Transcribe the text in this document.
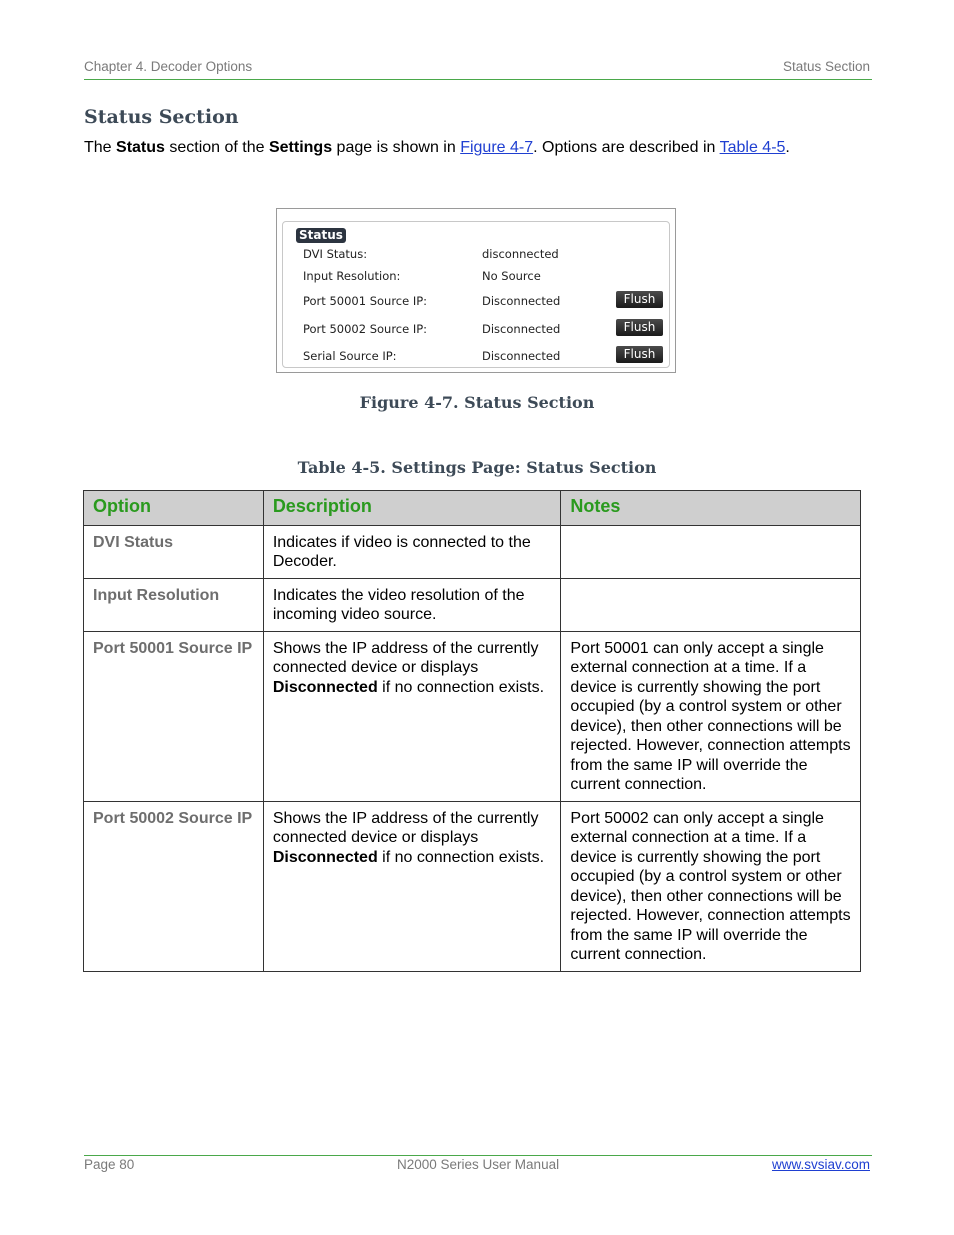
Chapter 4. Decoder Options	Status Section
Status Section

The Status section of the Settings page is shown in Figure 4-7. Options are described in Table 4-5.

Status
DVI Status:	disconnected
Input Resolution:	No Source
Port 50001 Source IP:	Disconnected	Flush
Port 50002 Source IP:	Disconnected	Flush
Serial Source IP:	Disconnected	Flush
Figure 4-7. Status Section
Table 4-5. Settings Page: Status Section
Option	Description	Notes
DVI Status	Indicates if video is connected to the Decoder.	
Input Resolution	Indicates the video resolution of the incoming video source.	
Port 50001 Source IP	Shows the IP address of the currently connected device or displays Disconnected if no connection exists.	Port 50001 can only accept a single external connection at a time. If a device is currently showing the port occupied (by a control system or other device), then other connections will be rejected. However, connection attempts from the same IP will override the current connection.
Port 50002 Source IP	Shows the IP address of the currently connected device or displays Disconnected if no connection exists.	Port 50002 can only accept a single external connection at a time. If a device is currently showing the port occupied (by a control system or other device), then other connections will be rejected. However, connection attempts from the same IP will override the current connection.
Page 80	N2000 Series User Manual	www.svsiav.com
